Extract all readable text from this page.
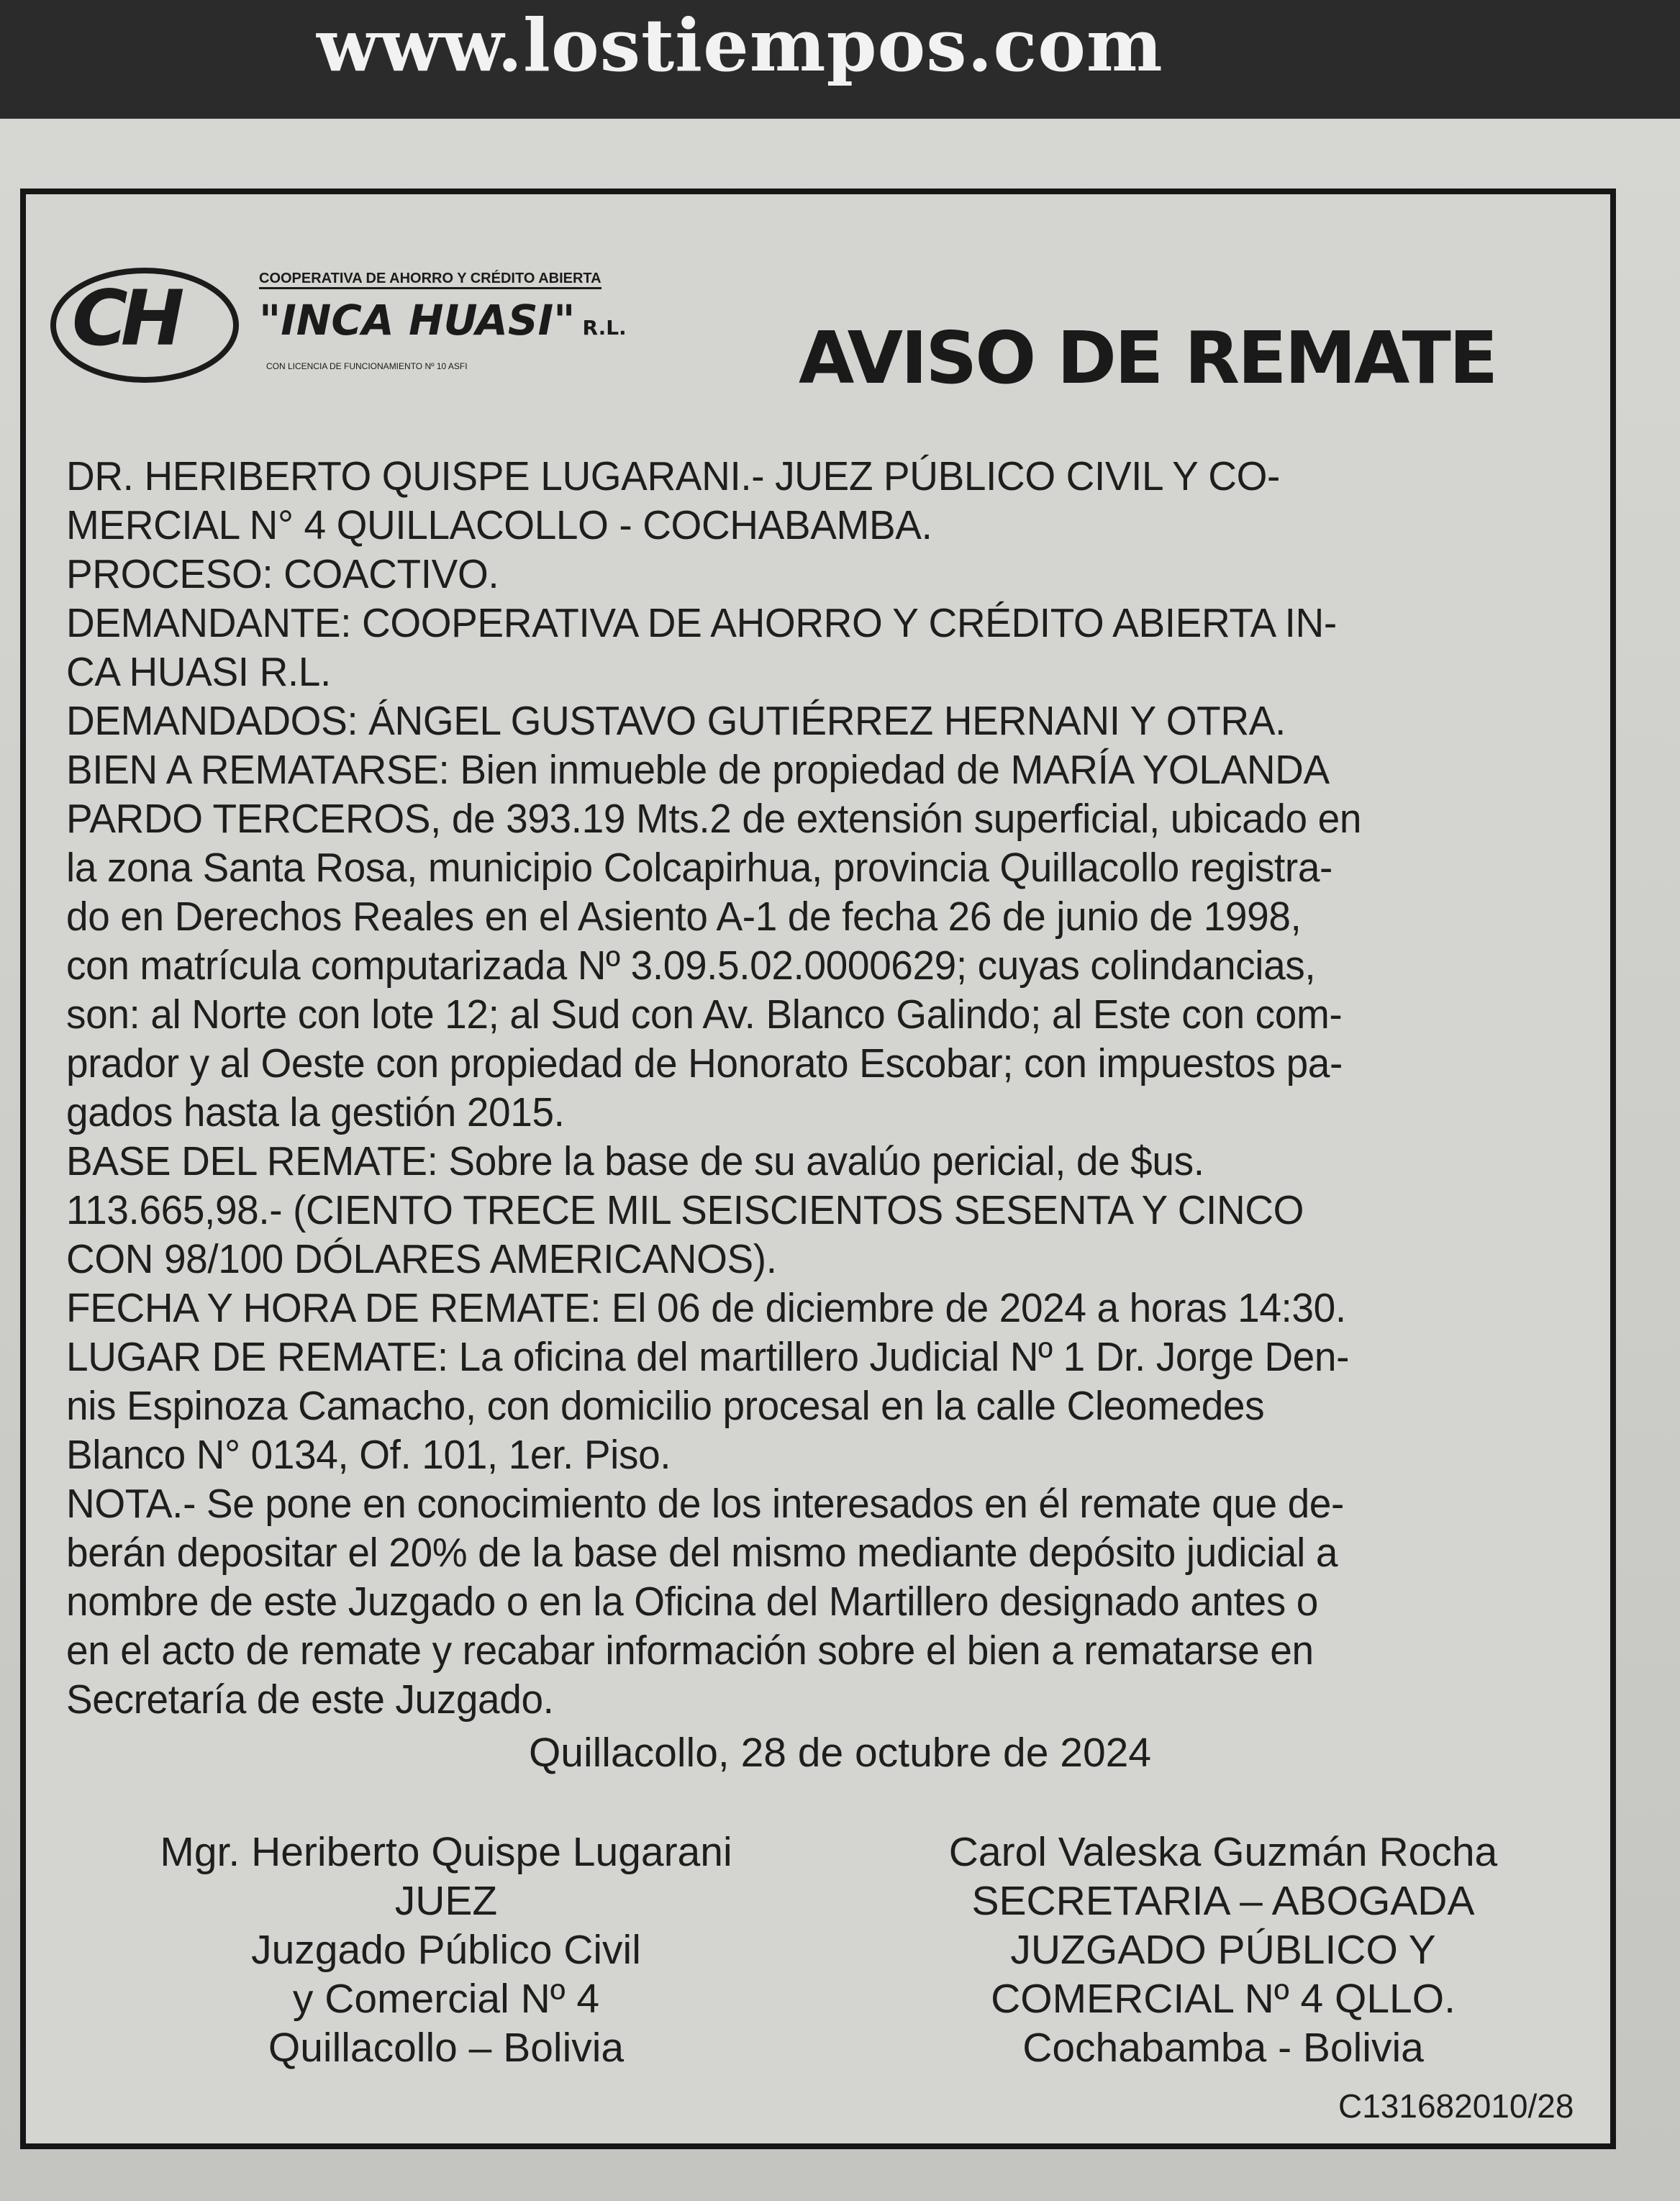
www.lostiempos.com
CH	COOPERATIVA DE AHORRO Y CRÉDITO ABIERTA
"INCA HUASI" R.L.
CON LICENCIA DE FUNCIONAMIENTO Nº 10 ASFI	AVISO DE REMATE
DR. HERIBERTO QUISPE LUGARANI.- JUEZ PÚBLICO CIVIL Y CO-
MERCIAL N° 4 QUILLACOLLO - COCHABAMBA.
PROCESO: COACTIVO.
DEMANDANTE: COOPERATIVA DE AHORRO Y CRÉDITO ABIERTA IN-
CA HUASI R.L.
DEMANDADOS: ÁNGEL GUSTAVO GUTIÉRREZ HERNANI Y OTRA.
BIEN A REMATARSE: Bien inmueble de propiedad de MARÍA YOLANDA
PARDO TERCEROS, de 393.19 Mts.2 de extensión superficial, ubicado en
la zona Santa Rosa, municipio Colcapirhua, provincia Quillacollo registra-
do en Derechos Reales en el Asiento A-1 de fecha 26 de junio de 1998,
con matrícula computarizada Nº 3.09.5.02.0000629; cuyas colindancias,
son: al Norte con lote 12; al Sud con Av. Blanco Galindo; al Este con com-
prador y al Oeste con propiedad de Honorato Escobar; con impuestos pa-
gados hasta la gestión 2015.
BASE DEL REMATE: Sobre la base de su avalúo pericial, de $us.
113.665,98.- (CIENTO TRECE MIL SEISCIENTOS SESENTA Y CINCO
CON 98/100 DÓLARES AMERICANOS).
FECHA Y HORA DE REMATE: El 06 de diciembre de 2024 a horas 14:30.
LUGAR DE REMATE: La oficina del martillero Judicial Nº 1 Dr. Jorge Den-
nis Espinoza Camacho, con domicilio procesal en la calle Cleomedes
Blanco N° 0134, Of. 101, 1er. Piso.
NOTA.- Se pone en conocimiento de los interesados en él remate que de-
berán depositar el 20% de la base del mismo mediante depósito judicial a
nombre de este Juzgado o en la Oficina del Martillero designado antes o
en el acto de remate y recabar información sobre el bien a rematarse en
Secretaría de este Juzgado.
Quillacollo, 28 de octubre de 2024
Mgr. Heriberto Quispe Lugarani
JUEZ
Juzgado Público Civil
y Comercial Nº 4
Quillacollo – Bolivia
Carol Valeska Guzmán Rocha
SECRETARIA – ABOGADA
JUZGADO PÚBLICO Y
COMERCIAL Nº 4 QLLO.
Cochabamba - Bolivia
C131682010/28
